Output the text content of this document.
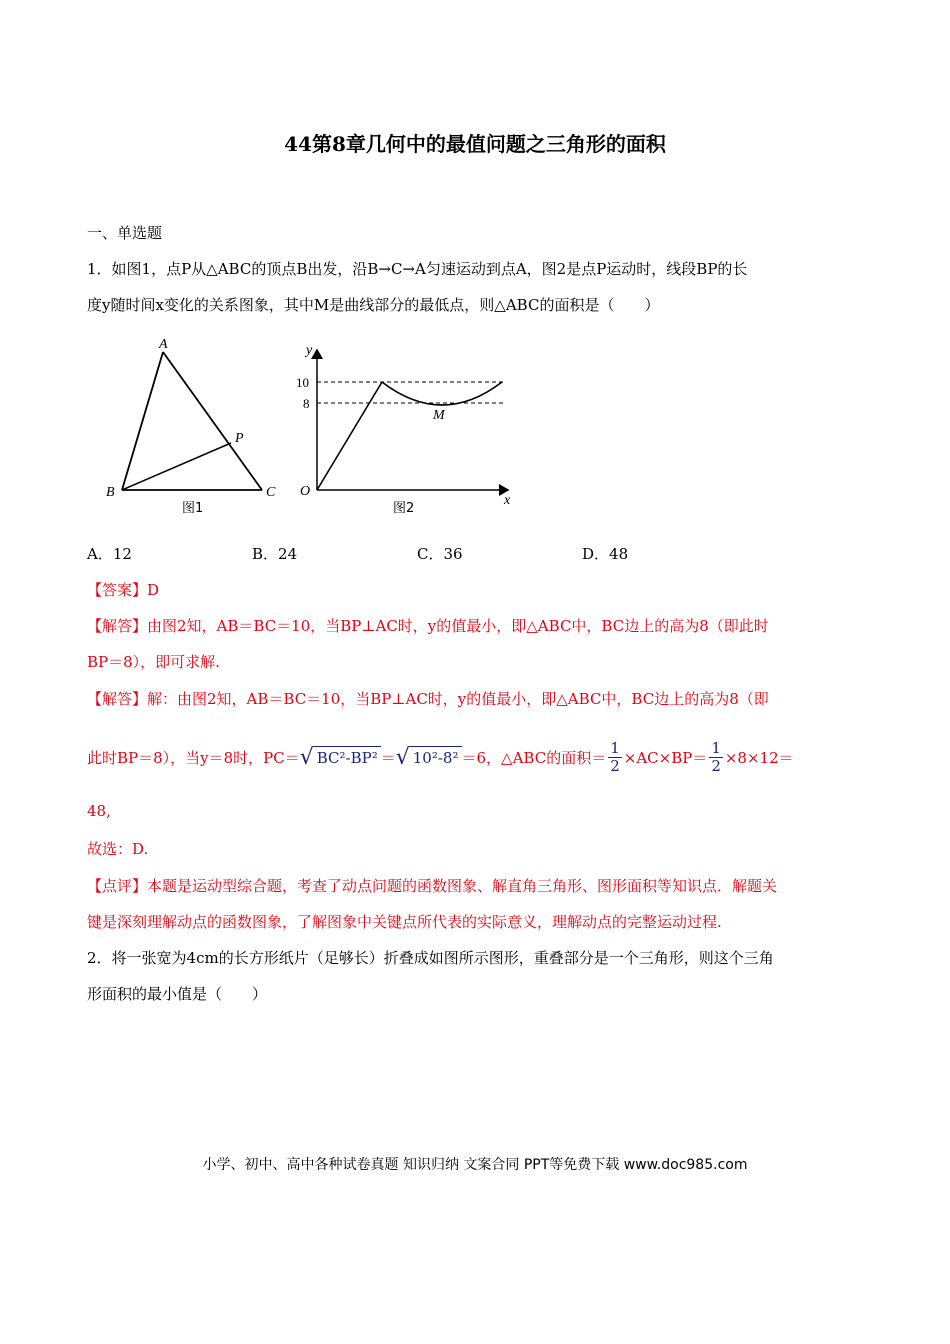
44第8章几何中的最值问题之三角形的面积
一、单选题
1．如图1，点P从△ABC的顶点B出发，沿B→C→A匀速运动到点A，图2是点P运动时，线段BP的长
度y随时间x变化的关系图象，其中M是曲线部分的最低点，则△ABC的面积是（　　）
A
B	C
P
图1
y
x
O
10
8
M
图2
A．12	B．24	C．36	D．48
【答案】D
【解答】由图2知，AB＝BC＝10，当BP⊥AC时，y的值最小，即△ABC中，BC边上的高为8（即此时
BP＝8），即可求解.
【解答】解：由图2知，AB＝BC＝10，当BP⊥AC时，y的值最小，即△ABC中，BC边上的高为8（即
此时BP＝8），当y＝8时，PC＝ √ BC²-BP² ＝ √ 10²-8² ＝6，△ABC的面积＝ $\frac{1}{2} \times AC\times BP= \frac{1}{2} \times 8\times 12=$
48,
故选：D.
【点评】本题是运动型综合题，考查了动点问题的函数图象、解直角三角形、图形面积等知识点．解题关
键是深刻理解动点的函数图象，了解图象中关键点所代表的实际意义，理解动点的完整运动过程.
2．将一张宽为4cm的长方形纸片（足够长）折叠成如图所示图形，重叠部分是一个三角形，则这个三角
形面积的最小值是（　　）
小学、初中、高中各种试卷真题 知识归纳 文案合同 PPT等免费下载 www.doc985.com
